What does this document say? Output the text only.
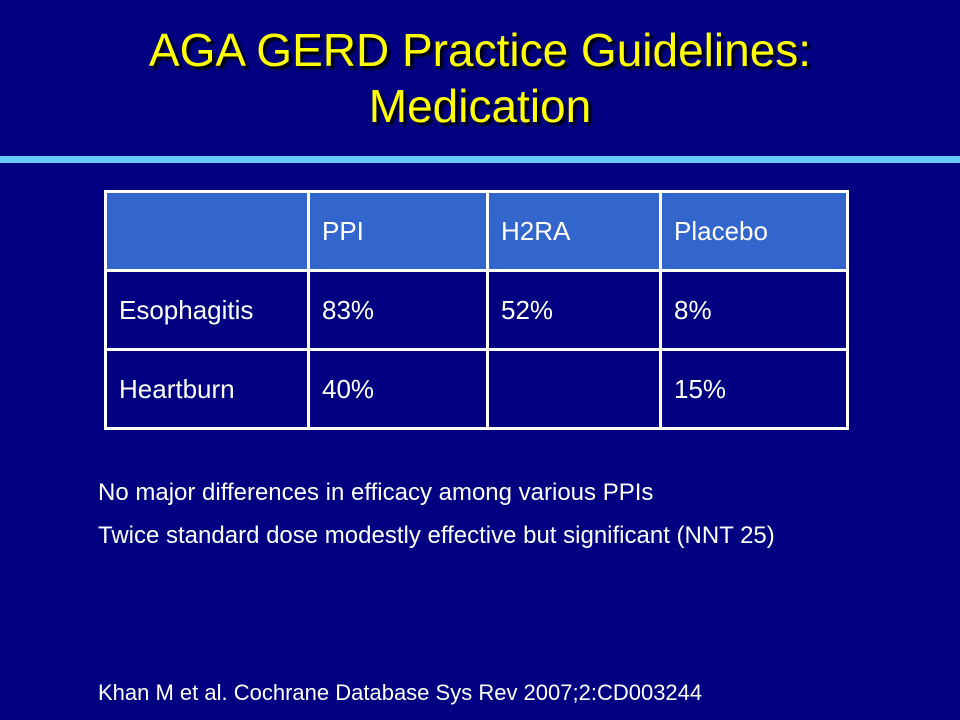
AGA GERD Practice Guidelines:
Medication
	PPI	H2RA	Placebo
Esophagitis	83%	52%	8%
Heartburn	40%		15%

No major differences in efficacy among various PPIs

Twice standard dose modestly effective but significant (NNT 25)

Khan M et al. Cochrane Database Sys Rev 2007;2:CD003244
